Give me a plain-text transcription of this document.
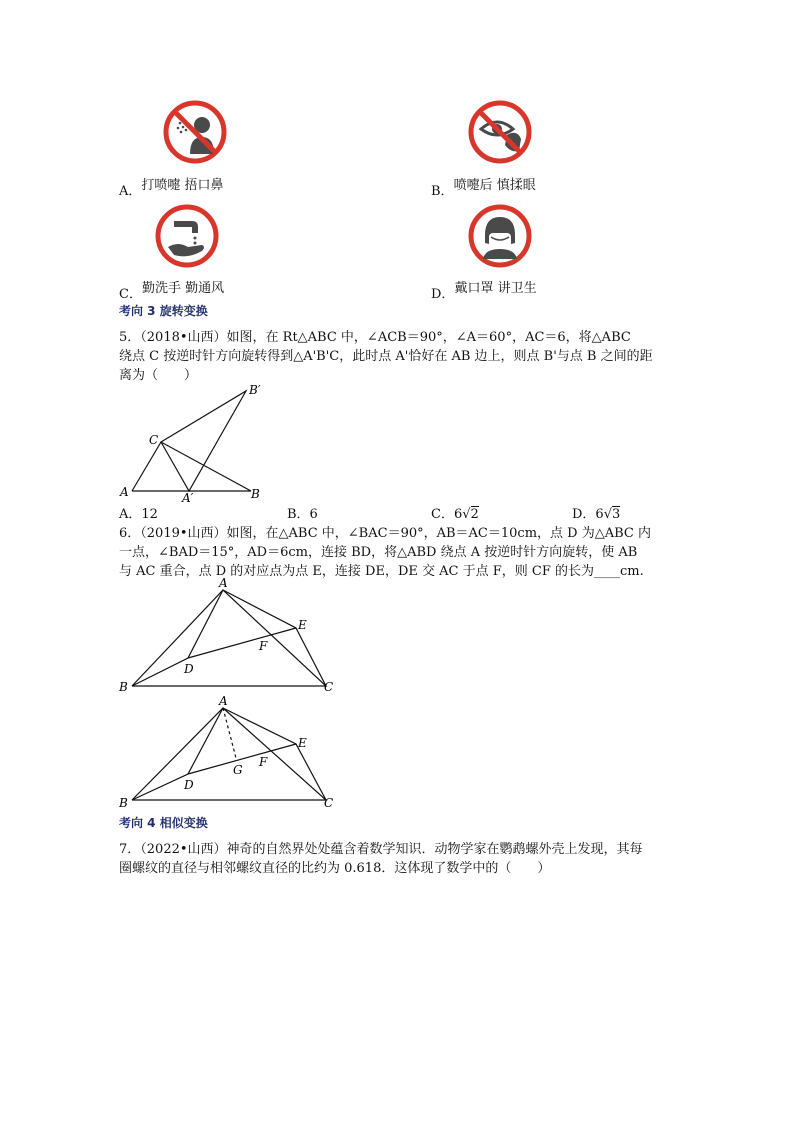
A．打喷嚏 捂口鼻	B．喷嚏后 慎揉眼
C．勤洗手 勤通风	D．戴口罩 讲卫生
考向 3 旋转变换
5．（2018•山西）如图，在 Rt△ABC 中，∠ACB＝90°，∠A＝60°，AC＝6，将△ABC
绕点 C 按逆时针方向旋转得到△A'B'C，此时点 A'恰好在 AB 边上，则点 B'与点 B 之间的距
离为（　　）
A	B
C
A′
B′
A．12	B．6	C．6√2	D．6√3
6．（2019•山西）如图，在△ABC 中，∠BAC＝90°，AB＝AC＝10cm，点 D 为△ABC 内
一点，∠BAD＝15°，AD＝6cm，连接 BD，将△ABD 绕点 A 按逆时针方向旋转，使 AB
与 AC 重合，点 D 的对应点为点 E，连接 DE，DE 交 AC 于点 F，则 CF 的长为____cm.
A
B	C
D
E
F
A
B	C
D
E
F
G
考向 4 相似变换
7．（2022•山西）神奇的自然界处处蕴含着数学知识．动物学家在鹦鹉螺外壳上发现，其每
圈螺纹的直径与相邻螺纹直径的比约为 0.618．这体现了数学中的（　　）
